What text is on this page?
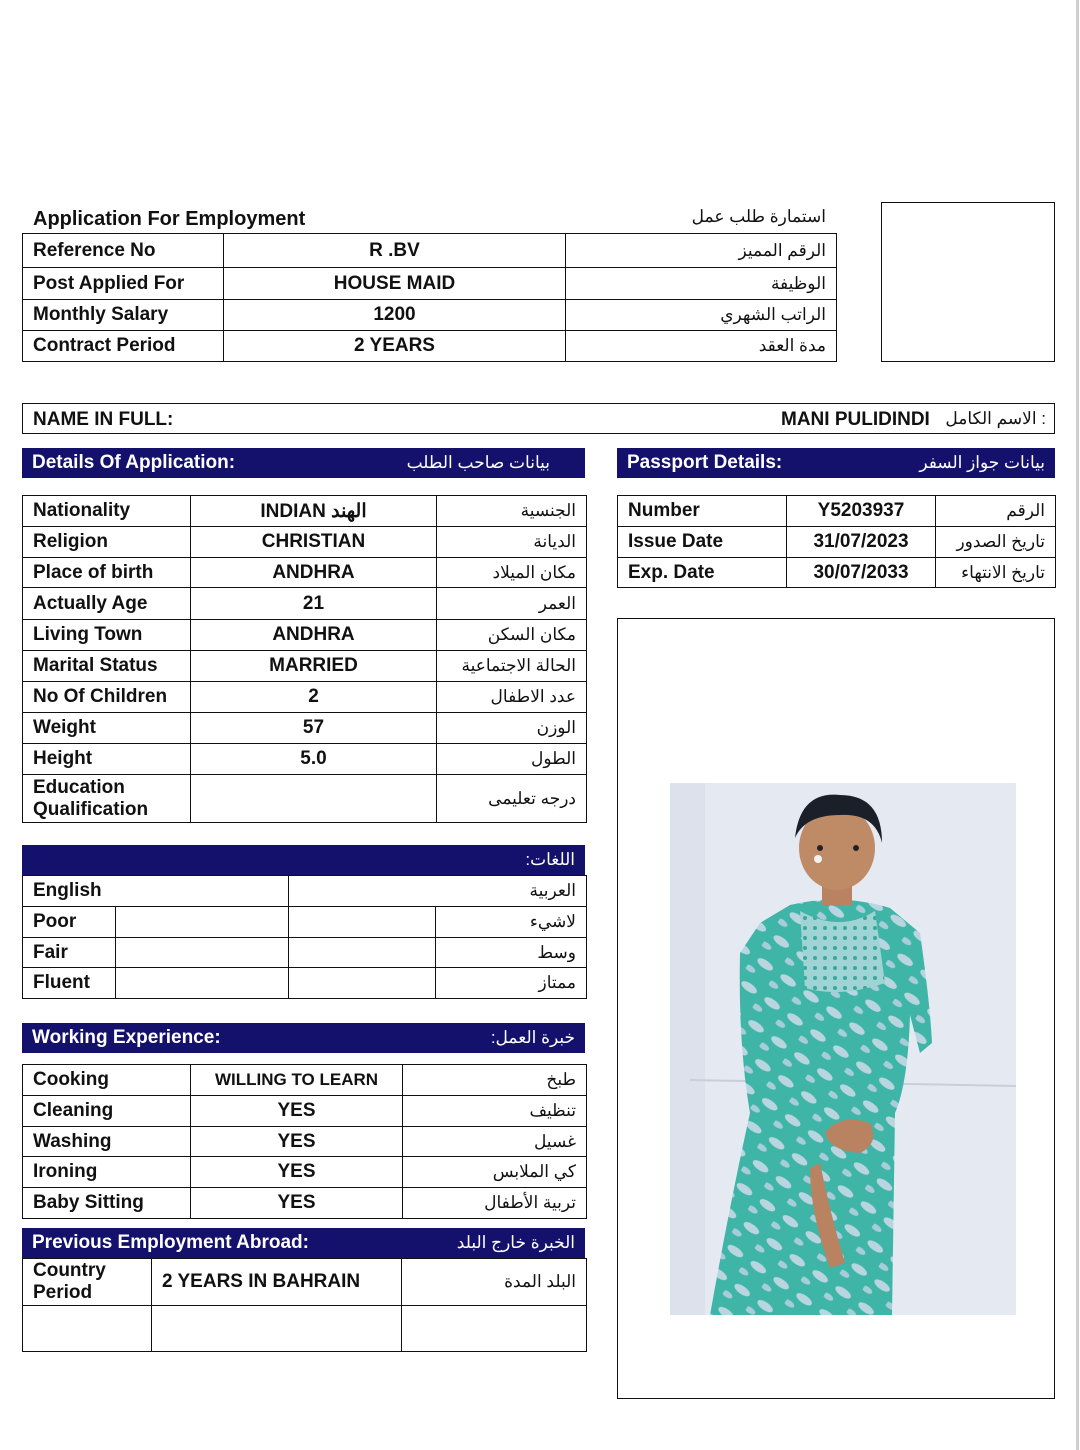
Application For Employment	استمارة طلب عمل
Reference No	R .BV	الرقم المميز
Post Applied For	HOUSE MAID	الوظيفة
Monthly Salary	1200	الراتب الشهري
Contract Period	2 YEARS	مدة العقد
NAME IN FULL:	MANI PULIDINDI : الاسم الكامل
Details Of Application:	بيانات صاحب الطلب	Passport Details:	بيانات جواز السفر
Nationality	INDIAN الهند	الجنسية
Religion	CHRISTIAN	الديانة
Place of birth	ANDHRA	مكان الميلاد
Actually Age	21	العمر
Living Town	ANDHRA	مكان السكن
Marital Status	MARRIED	الحالة الاجتماعية
No Of Children	2	عدد الاطفال
Weight	57	الوزن
Height	5.0	الطول
Education Qualification		درجه تعليمى
Number	Y5203937	الرقم
Issue Date	31/07/2023	تاريخ الصدور
Exp. Date	30/07/2033	تاريخ الانتهاء
اللغات:
English		العربية	
Poor			لاشيء
Fair			وسط
Fluent			ممتاز
Working Experience:	خبرة العمل:
Cooking	WILLING TO LEARN	طبخ
Cleaning	YES	تنظيف
Washing	YES	غسيل
Ironing	YES	كي الملابس
Baby Sitting	YES	تربية الأطفال
Previous Employment Abroad:	الخبرة خارج البلد
Country Period	2 YEARS IN BAHRAIN	البلد المدة
